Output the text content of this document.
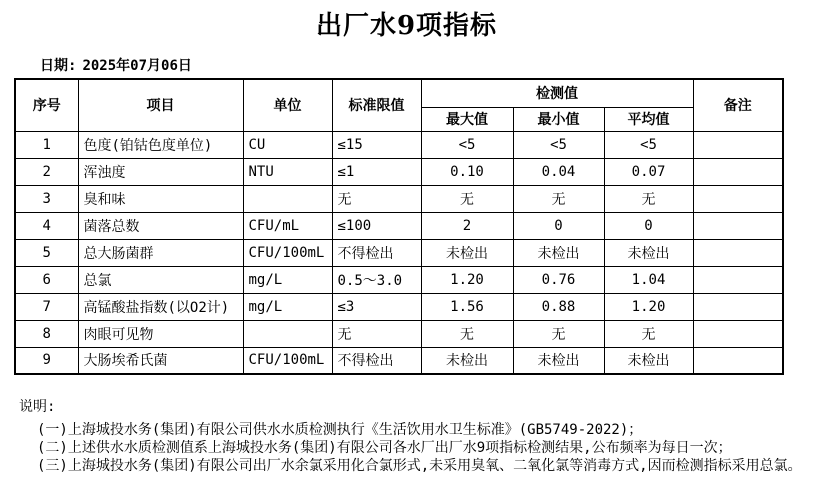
出厂水9项指标
日期: 2025年07月06日
序号	项目	单位	标准限值	检测值			备注
				最大值	最小值	平均值	
1	色度(铂钴色度单位)	CU	≤15	<5	<5	<5	
2	浑浊度	NTU	≤1	0.10	0.04	0.07	
3	臭和味		无	无	无	无	
4	菌落总数	CFU/mL	≤100	2	0	0	
5	总大肠菌群	CFU/100mL	不得检出	未检出	未检出	未检出	
6	总氯	mg/L	0.5～3.0	1.20	0.76	1.04	
7	高锰酸盐指数(以O2计)	mg/L	≤3	1.56	0.88	1.20	
8	肉眼可见物		无	无	无	无	
9	大肠埃希氏菌	CFU/100mL	不得检出	未检出	未检出	未检出	
说明:
(一)上海城投水务(集团)有限公司供水水质检测执行《生活饮用水卫生标准》(GB5749-2022)；
(二)上述供水水质检测值系上海城投水务(集团)有限公司各水厂出厂水9项指标检测结果,公布频率为每日一次；
(三)上海城投水务(集团)有限公司出厂水余氯采用化合氯形式,未采用臭氧、二氧化氯等消毒方式,因而检测指标采用总氯。
